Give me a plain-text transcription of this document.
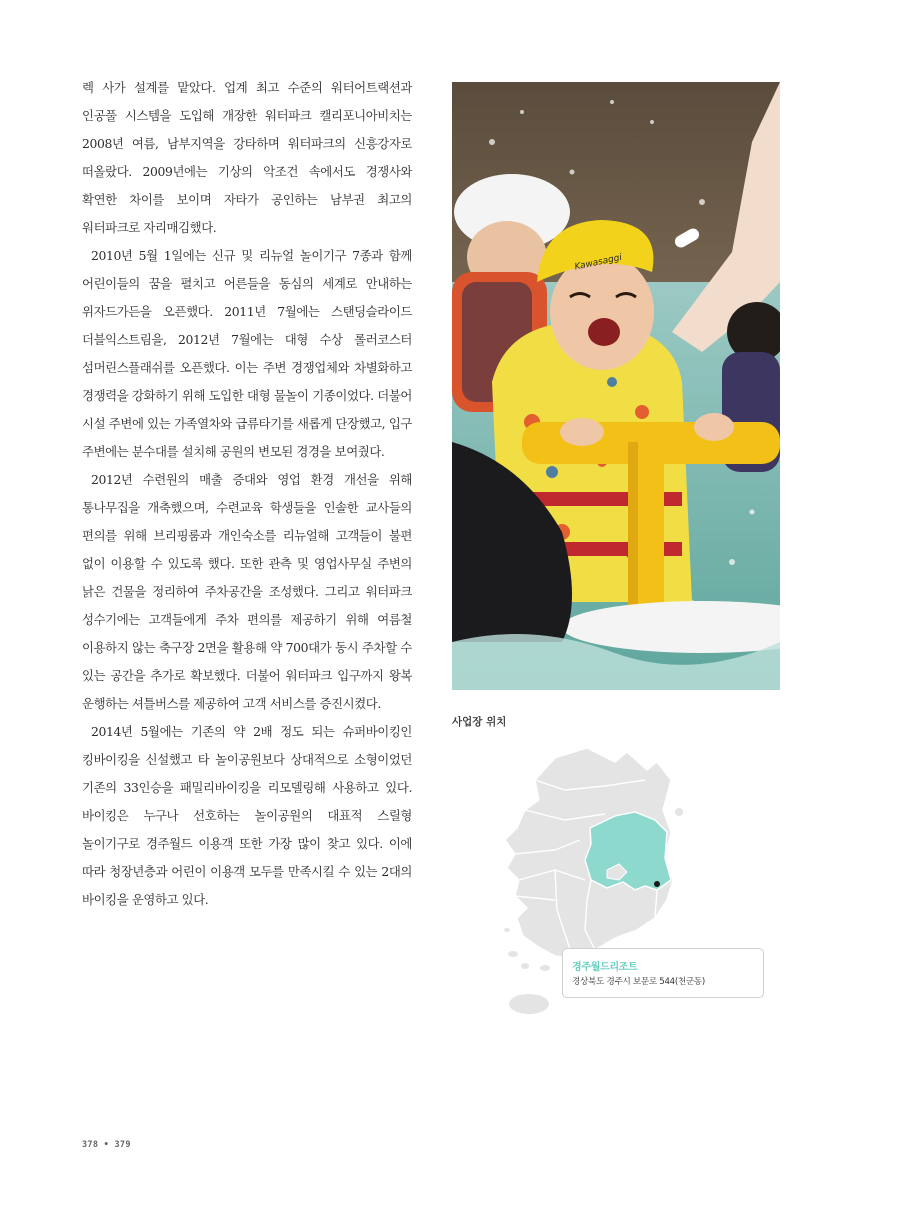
렉 사가 설계를 맡았다. 업계 최고 수준의 워터어트랙션과 인공풀 시스템을 도입해 개장한 워터파크 캘리포니아비치는 2008년 여름, 남부지역을 강타하며 워터파크의 신흥강자로 떠올랐다. 2009년에는 기상의 악조건 속에서도 경쟁사와 확연한 차이를 보이며 자타가 공인하는 남부권 최고의 워터파크로 자리매김했다.

2010년 5월 1일에는 신규 및 리뉴얼 놀이기구 7종과 함께 어린이들의 꿈을 펼치고 어른들을 동심의 세계로 안내하는 위자드가든을 오픈했다. 2011년 7월에는 스탠딩슬라이드 더블익스트림을, 2012년 7월에는 대형 수상 롤러코스터 섬머린스플래쉬를 오픈했다. 이는 주변 경쟁업체와 차별화하고 경쟁력을 강화하기 위해 도입한 대형 물놀이 기종이었다. 더불어 시설 주변에 있는 가족열차와 급류타기를 새롭게 단장했고, 입구 주변에는 분수대를 설치해 공원의 변모된 경경을 보여줬다.

2012년 수련원의 매출 증대와 영업 환경 개선을 위해 통나무집을 개축했으며, 수련교육 학생들을 인솔한 교사들의 편의를 위해 브리핑룸과 개인숙소를 리뉴얼해 고객들이 불편 없이 이용할 수 있도록 했다. 또한 관측 및 영업사무실 주변의 낡은 건물을 정리하여 주차공간을 조성했다. 그리고 워터파크 성수기에는 고객들에게 주차 편의를 제공하기 위해 여름철 이용하지 않는 축구장 2면을 활용해 약 700대가 동시 주차할 수 있는 공간을 추가로 확보했다. 더불어 워터파크 입구까지 왕복 운행하는 셔틀버스를 제공하여 고객 서비스를 증진시켰다.

2014년 5월에는 기존의 약 2배 정도 되는 슈퍼바이킹인 킹바이킹을 신설했고 타 놀이공원보다 상대적으로 소형이었던 기존의 33인승을 패밀리바이킹을 리모델링해 사용하고 있다. 바이킹은 누구나 선호하는 놀이공원의 대표적 스릴형 놀이기구로 경주월드 이용객 또한 가장 많이 찾고 있다. 이에 따라 청장년층과 어린이 이용객 모두를 만족시킬 수 있는 2대의 바이킹을 운영하고 있다.

Kawasaggi
사업장 위치
경주월드리조트
경상북도 경주시 보문로 544(천군동)
378 • 379
